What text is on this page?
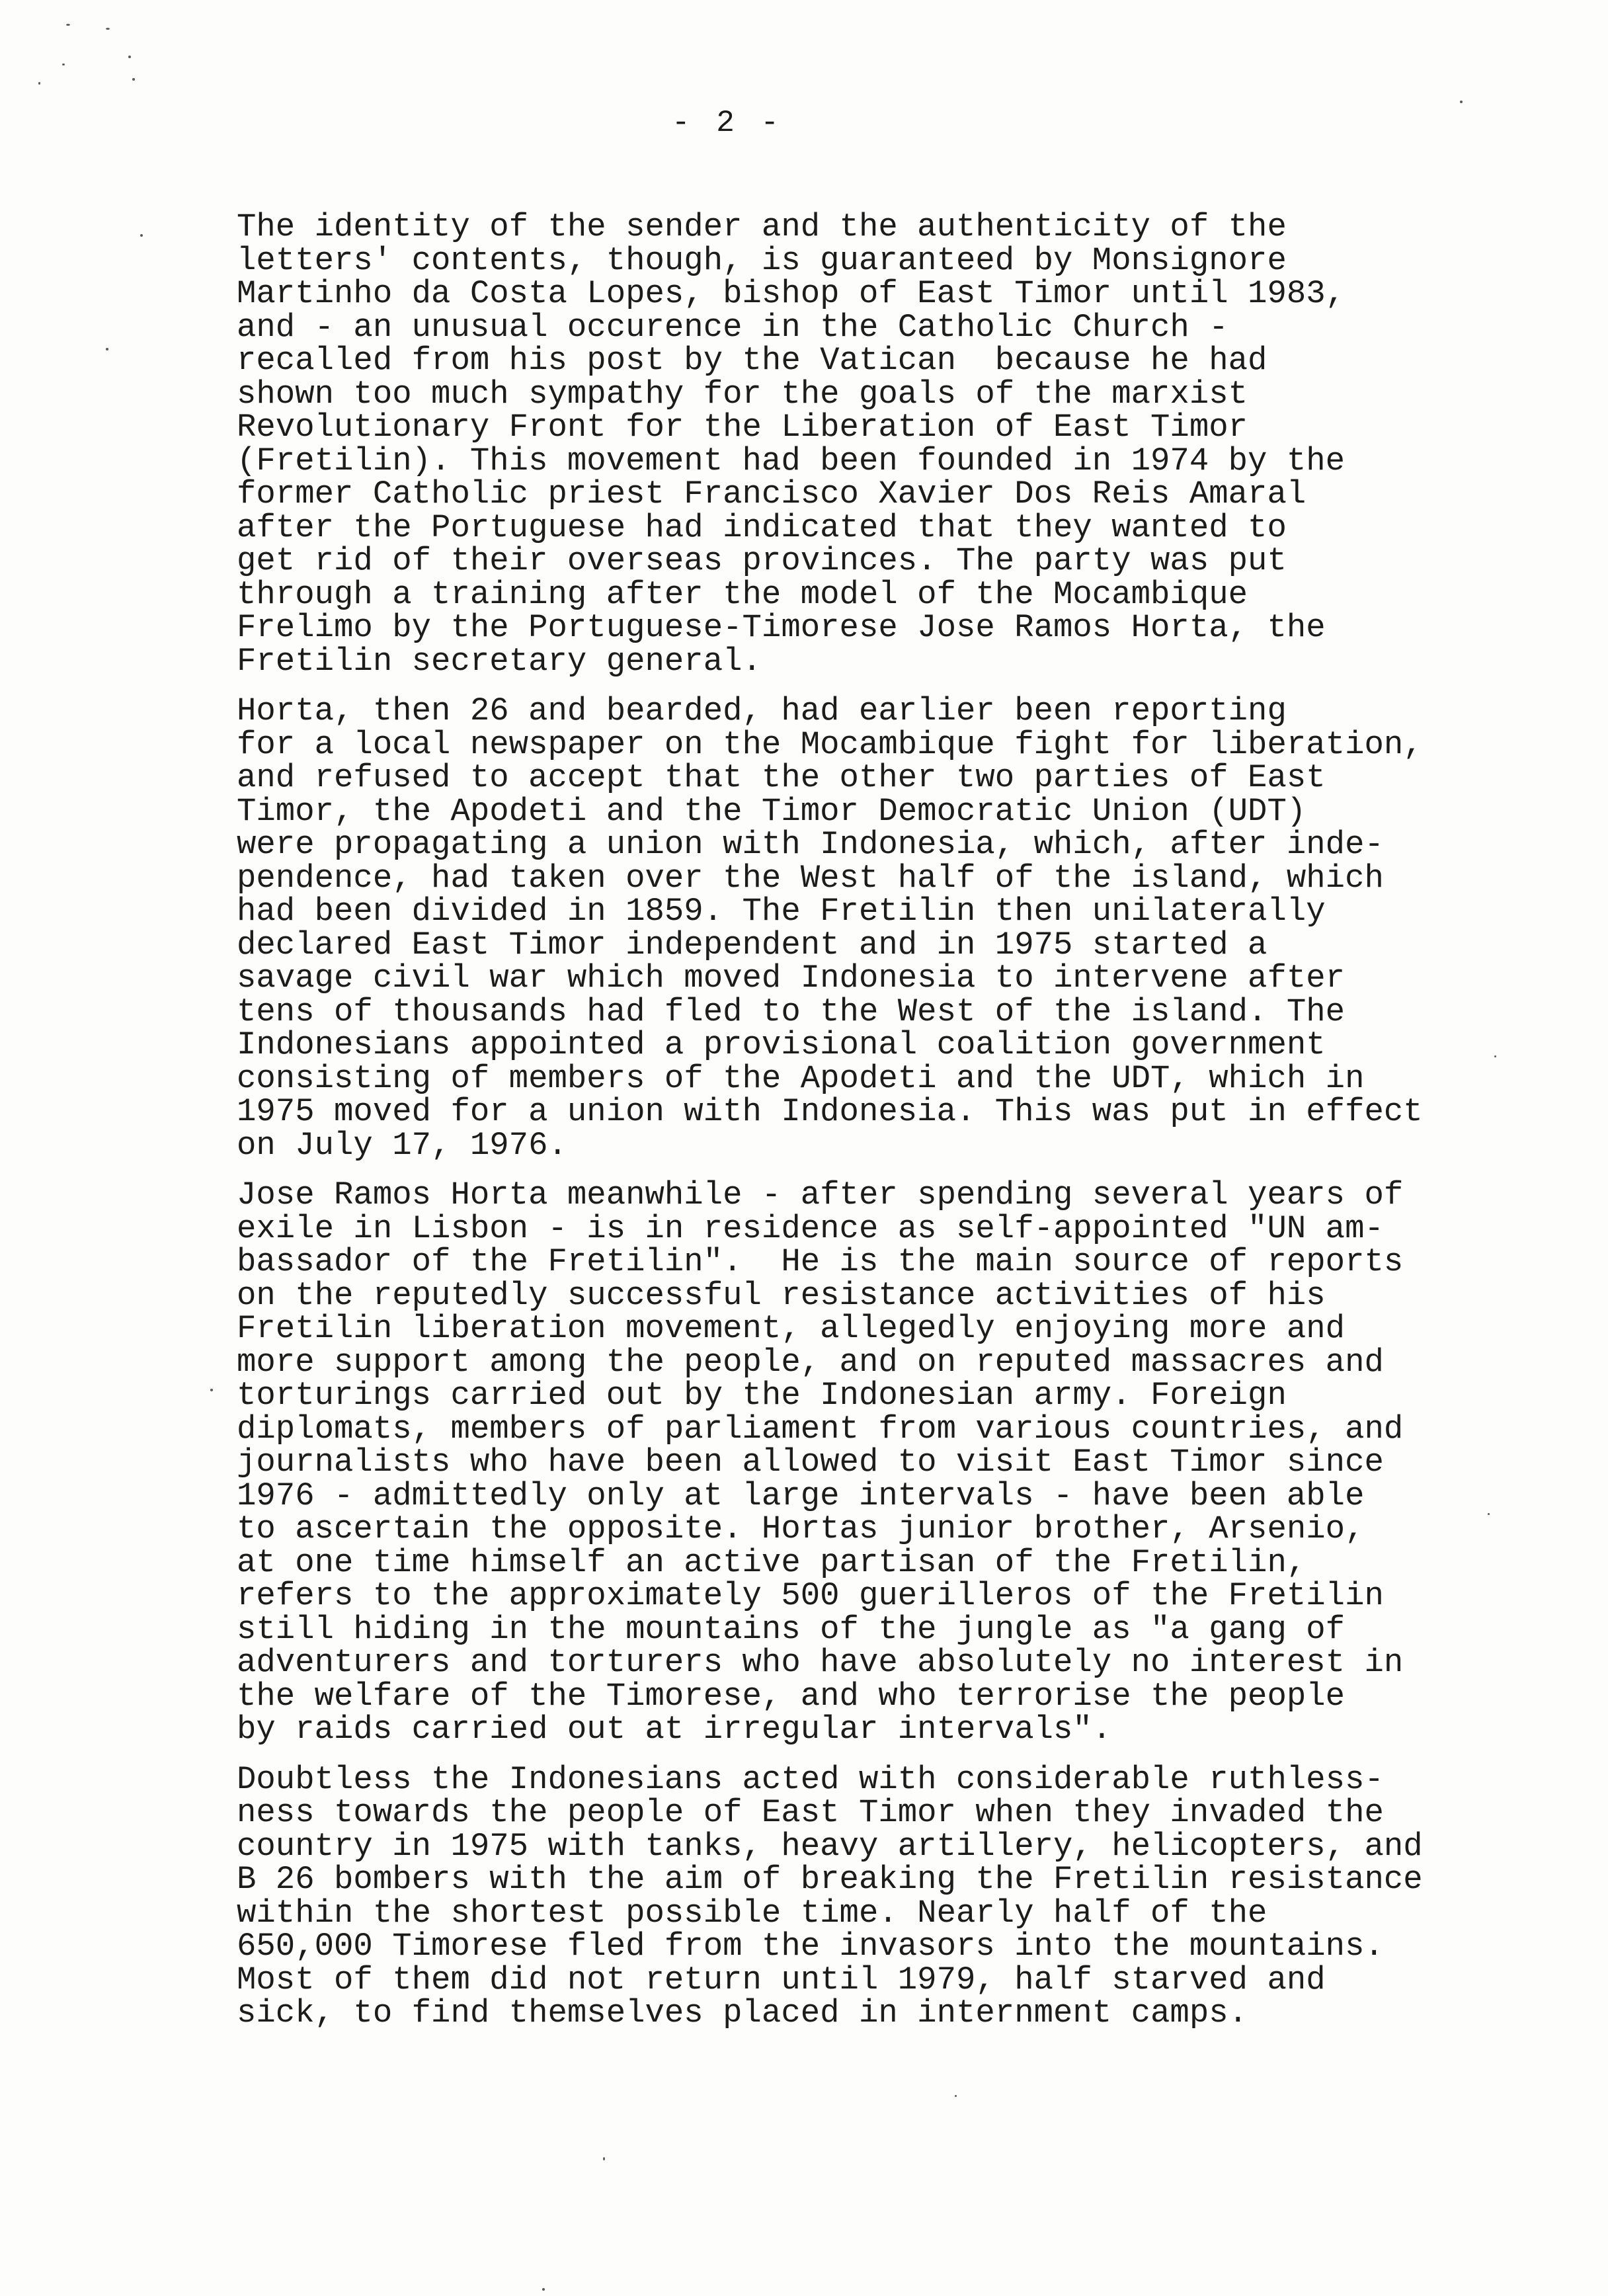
- 2 -
The identity of the sender and the authenticity of the
letters' contents, though, is guaranteed by Monsignore
Martinho da Costa Lopes, bishop of East Timor until 1983,
and - an unusual occurence in the Catholic Church -
recalled from his post by the Vatican  because he had
shown too much sympathy for the goals of the marxist
Revolutionary Front for the Liberation of East Timor
(Fretilin). This movement had been founded in 1974 by the
former Catholic priest Francisco Xavier Dos Reis Amaral
after the Portuguese had indicated that they wanted to
get rid of their overseas provinces. The party was put
through a training after the model of the Mocambique
Frelimo by the Portuguese-Timorese Jose Ramos Horta, the
Fretilin secretary general.
Horta, then 26 and bearded, had earlier been reporting
for a local newspaper on the Mocambique fight for liberation,
and refused to accept that the other two parties of East
Timor, the Apodeti and the Timor Democratic Union (UDT)
were propagating a union with Indonesia, which, after inde-
pendence, had taken over the West half of the island, which
had been divided in 1859. The Fretilin then unilaterally
declared East Timor independent and in 1975 started a
savage civil war which moved Indonesia to intervene after
tens of thousands had fled to the West of the island. The
Indonesians appointed a provisional coalition government
consisting of members of the Apodeti and the UDT, which in
1975 moved for a union with Indonesia. This was put in effect
on July 17, 1976.
Jose Ramos Horta meanwhile - after spending several years of
exile in Lisbon - is in residence as self-appointed "UN am-
bassador of the Fretilin".  He is the main source of reports
on the reputedly successful resistance activities of his
Fretilin liberation movement, allegedly enjoying more and
more support among the people, and on reputed massacres and
torturings carried out by the Indonesian army. Foreign
diplomats, members of parliament from various countries, and
journalists who have been allowed to visit East Timor since
1976 - admittedly only at large intervals - have been able
to ascertain the opposite. Hortas junior brother, Arsenio,
at one time himself an active partisan of the Fretilin,
refers to the approximately 500 guerilleros of the Fretilin
still hiding in the mountains of the jungle as "a gang of
adventurers and torturers who have absolutely no interest in
the welfare of the Timorese, and who terrorise the people
by raids carried out at irregular intervals".
Doubtless the Indonesians acted with considerable ruthless-
ness towards the people of East Timor when they invaded the
country in 1975 with tanks, heavy artillery, helicopters, and
B 26 bombers with the aim of breaking the Fretilin resistance
within the shortest possible time. Nearly half of the
650,000 Timorese fled from the invasors into the mountains.
Most of them did not return until 1979, half starved and
sick, to find themselves placed in internment camps.
